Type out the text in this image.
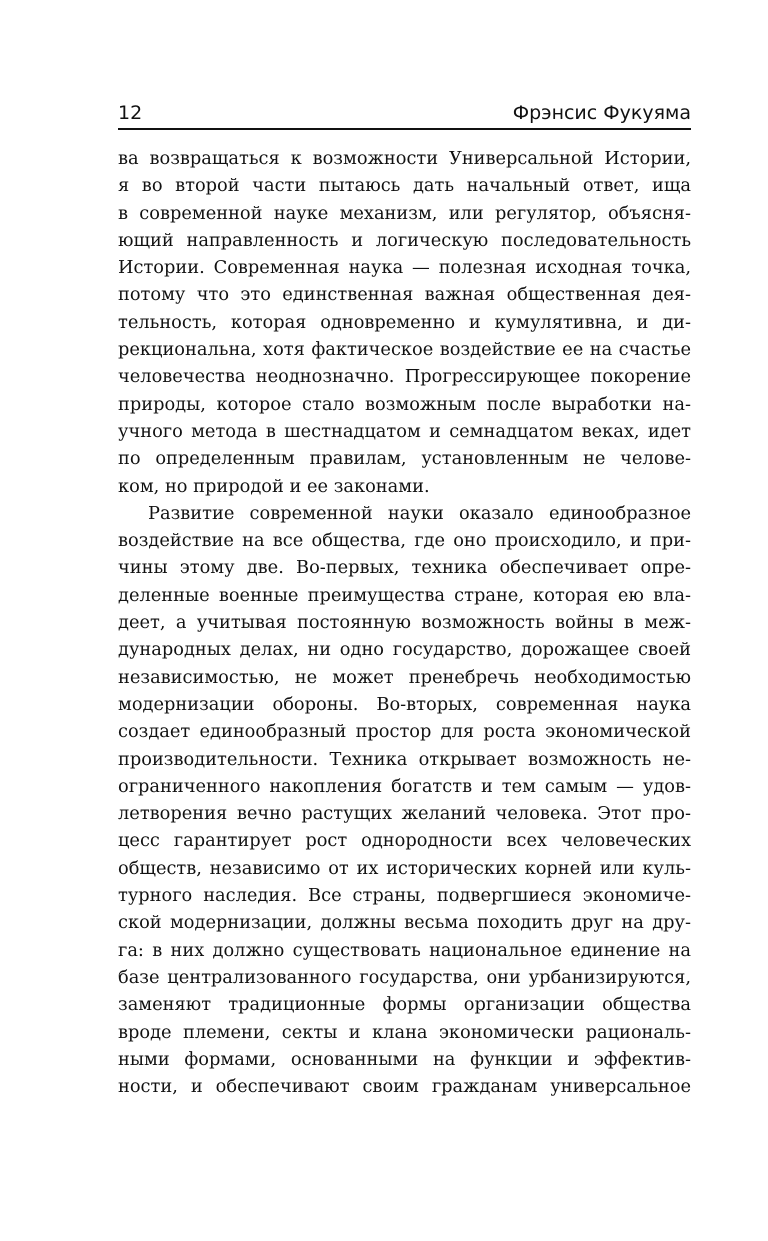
12	Фрэнсис Фукуяма
ва возвращаться к возможности Универсальной Истории,
я во второй части пытаюсь дать начальный ответ, ища
в современной науке механизм, или регулятор, объясня-
ющий направленность и логическую последовательность
Истории. Современная наука — полезная исходная точка,
потому что это единственная важная общественная дея-
тельность, которая одновременно и кумулятивна, и ди-
рекциональна, хотя фактическое воздействие ее на счастье
человечества неоднозначно. Прогрессирующее покорение
природы, которое стало возможным после выработки на-
учного метода в шестнадцатом и семнадцатом веках, идет
по определенным правилам, установленным не челове-
ком, но природой и ее законами.
Развитие современной науки оказало единообразное
воздействие на все общества, где оно происходило, и при-
чины этому две. Во-первых, техника обеспечивает опре-
деленные военные преимущества стране, которая ею вла-
деет, а учитывая постоянную возможность войны в меж-
дународных делах, ни одно государство, дорожащее своей
независимостью, не может пренебречь необходимостью
модернизации обороны. Во-вторых, современная наука
создает единообразный простор для роста экономической
производительности. Техника открывает возможность не-
ограниченного накопления богатств и тем самым — удов-
летворения вечно растущих желаний человека. Этот про-
цесс гарантирует рост однородности всех человеческих
обществ, независимо от их исторических корней или куль-
турного наследия. Все страны, подвергшиеся экономиче-
ской модернизации, должны весьма походить друг на дру-
га: в них должно существовать национальное единение на
базе централизованного государства, они урбанизируются,
заменяют традиционные формы организации общества
вроде племени, секты и клана экономически рациональ-
ными формами, основанными на функции и эффектив-
ности, и обеспечивают своим гражданам универсальное
